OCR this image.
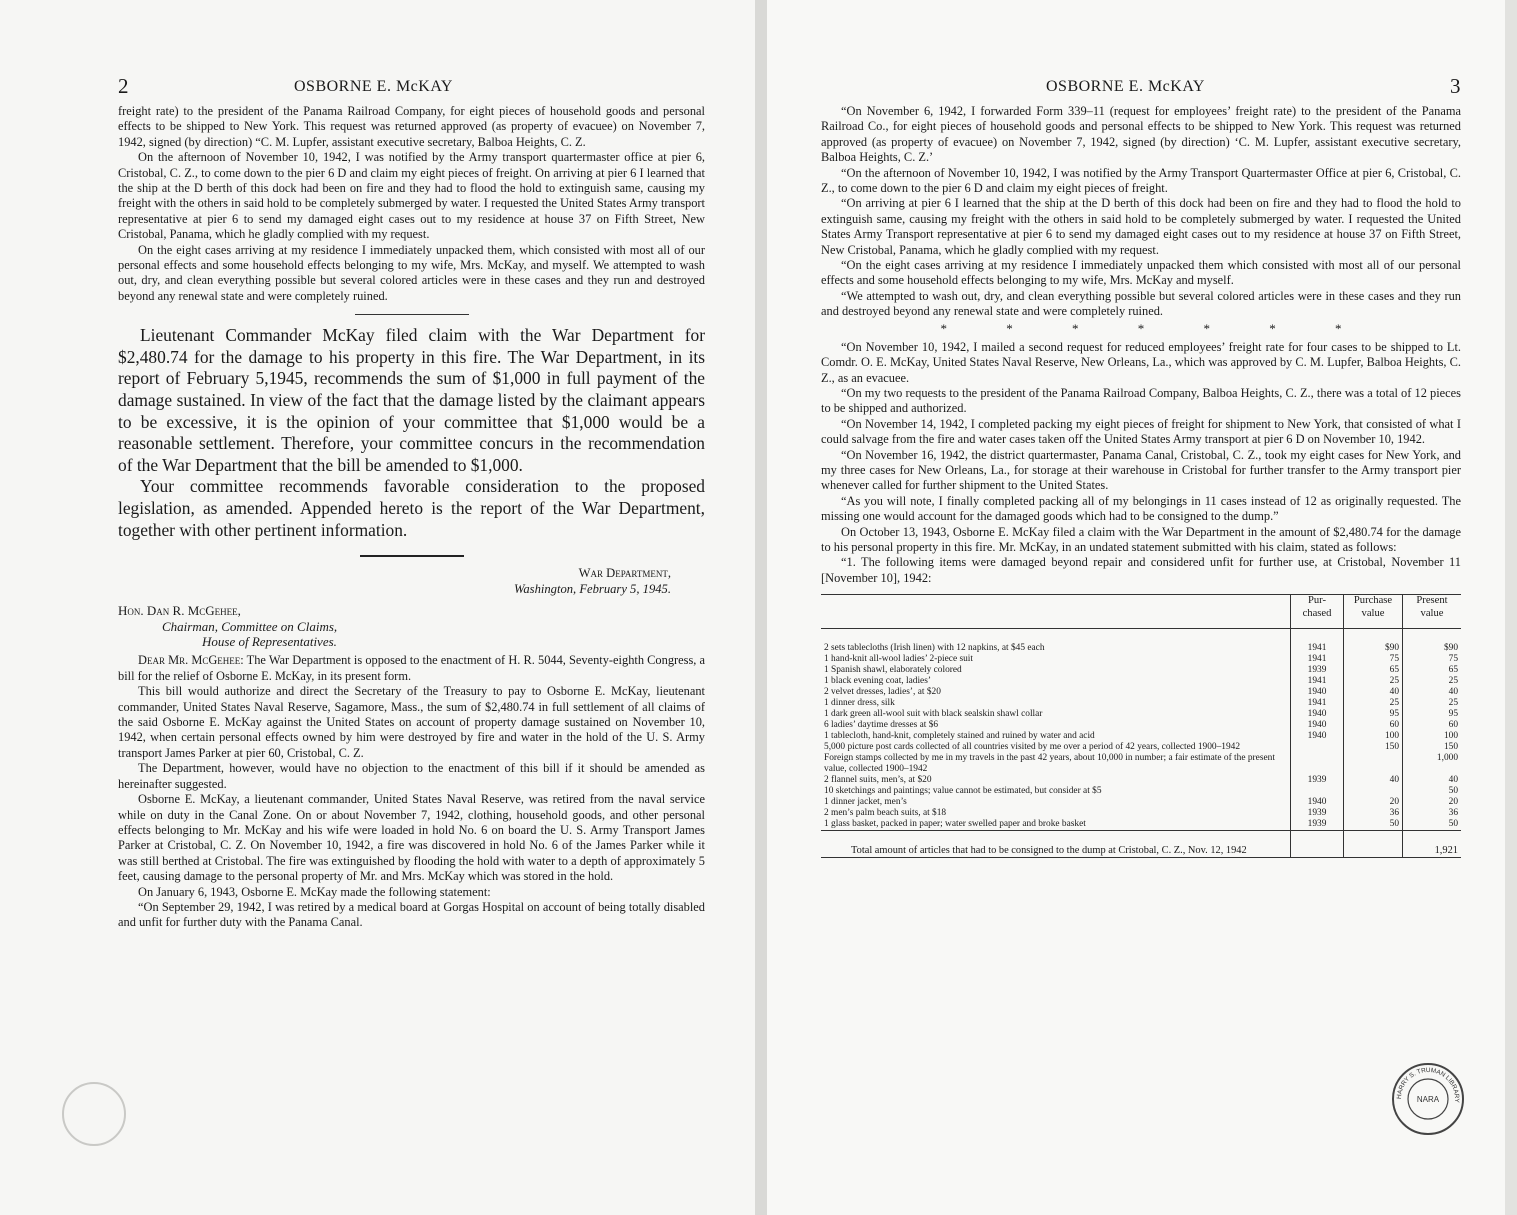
2	OSBORNE E. McKAY

freight rate) to the president of the Panama Railroad Company, for eight pieces of household goods and personal effects to be shipped to New York. This request was returned approved (as property of evacuee) on November 7, 1942, signed (by direction) “C. M. Lupfer, assistant executive secretary, Balboa Heights, C. Z.

On the afternoon of November 10, 1942, I was notified by the Army transport quartermaster office at pier 6, Cristobal, C. Z., to come down to the pier 6 D and claim my eight pieces of freight. On arriving at pier 6 I learned that the ship at the D berth of this dock had been on fire and they had to flood the hold to extinguish same, causing my freight with the others in said hold to be completely submerged by water. I requested the United States Army transport representative at pier 6 to send my damaged eight cases out to my residence at house 37 on Fifth Street, New Cristobal, Panama, which he gladly complied with my request.

On the eight cases arriving at my residence I immediately unpacked them, which consisted with most all of our personal effects and some household effects belonging to my wife, Mrs. McKay, and myself. We attempted to wash out, dry, and clean everything possible but several colored articles were in these cases and they run and destroyed beyond any renewal state and were completely ruined.

Lieutenant Commander McKay filed claim with the War Department for $2,480.74 for the damage to his property in this fire. The War Department, in its report of February 5,1945, recommends the sum of $1,000 in full payment of the damage sustained. In view of the fact that the damage listed by the claimant appears to be excessive, it is the opinion of your committee that $1,000 would be a reasonable settlement. Therefore, your committee concurs in the recommendation of the War Department that the bill be amended to $1,000.

Your committee recommends favorable consideration to the proposed legislation, as amended. Appended hereto is the report of the War Department, together with other pertinent information.

War Department,
Washington, February 5, 1945.
Hon. Dan R. McGehee,
Chairman, Committee on Claims,
House of Representatives.

Dear Mr. McGehee: The War Department is opposed to the enactment of H. R. 5044, Seventy-eighth Congress, a bill for the relief of Osborne E. McKay, in its present form.

This bill would authorize and direct the Secretary of the Treasury to pay to Osborne E. McKay, lieutenant commander, United States Naval Reserve, Sagamore, Mass., the sum of $2,480.74 in full settlement of all claims of the said Osborne E. McKay against the United States on account of property damage sustained on November 10, 1942, when certain personal effects owned by him were destroyed by fire and water in the hold of the U. S. Army transport James Parker at pier 60, Cristobal, C. Z.

The Department, however, would have no objection to the enactment of this bill if it should be amended as hereinafter suggested.

Osborne E. McKay, a lieutenant commander, United States Naval Reserve, was retired from the naval service while on duty in the Canal Zone. On or about November 7, 1942, clothing, household goods, and other personal effects belonging to Mr. McKay and his wife were loaded in hold No. 6 on board the U. S. Army Transport James Parker at Cristobal, C. Z. On November 10, 1942, a fire was discovered in hold No. 6 of the James Parker while it was still berthed at Cristobal. The fire was extinguished by flooding the hold with water to a depth of approximately 5 feet, causing damage to the personal property of Mr. and Mrs. McKay which was stored in the hold.

On January 6, 1943, Osborne E. McKay made the following statement:

“On September 29, 1942, I was retired by a medical board at Gorgas Hospital on account of being totally disabled and unfit for further duty with the Panama Canal.

OSBORNE E. McKAY	3

“On November 6, 1942, I forwarded Form 339–11 (request for employees’ freight rate) to the president of the Panama Railroad Co., for eight pieces of household goods and personal effects to be shipped to New York. This request was returned approved (as property of evacuee) on November 7, 1942, signed (by direction) ‘C. M. Lupfer, assistant executive secretary, Balboa Heights, C. Z.’

“On the afternoon of November 10, 1942, I was notified by the Army Transport Quartermaster Office at pier 6, Cristobal, C. Z., to come down to the pier 6 D and claim my eight pieces of freight.

“On arriving at pier 6 I learned that the ship at the D berth of this dock had been on fire and they had to flood the hold to extinguish same, causing my freight with the others in said hold to be completely submerged by water. I requested the United States Army Transport representative at pier 6 to send my damaged eight cases out to my residence at house 37 on Fifth Street, New Cristobal, Panama, which he gladly complied with my request.

“On the eight cases arriving at my residence I immediately unpacked them which consisted with most all of our personal effects and some household effects belonging to my wife, Mrs. McKay and myself.

“We attempted to wash out, dry, and clean everything possible but several colored articles were in these cases and they run and destroyed beyond any renewal state and were completely ruined.

* * * * * * *

“On November 10, 1942, I mailed a second request for reduced employees’ freight rate for four cases to be shipped to Lt. Comdr. O. E. McKay, United States Naval Reserve, New Orleans, La., which was approved by C. M. Lupfer, Balboa Heights, C. Z., as an evacuee.

“On my two requests to the president of the Panama Railroad Company, Balboa Heights, C. Z., there was a total of 12 pieces to be shipped and authorized.

“On November 14, 1942, I completed packing my eight pieces of freight for shipment to New York, that consisted of what I could salvage from the fire and water cases taken off the United States Army transport at pier 6 D on November 10, 1942.

“On November 16, 1942, the district quartermaster, Panama Canal, Cristobal, C. Z., took my eight cases for New York, and my three cases for New Orleans, La., for storage at their warehouse in Cristobal for further transfer to the Army transport pier whenever called for further shipment to the United States.

“As you will note, I finally completed packing all of my belongings in 11 cases instead of 12 as originally requested. The missing one would account for the damaged goods which had to be consigned to the dump.”

On October 13, 1943, Osborne E. McKay filed a claim with the War Department in the amount of $2,480.74 for the damage to his personal property in this fire. Mr. McKay, in an undated statement submitted with his claim, stated as follows:

“1. The following items were damaged beyond repair and considered unfit for further use, at Cristobal, November 11 [November 10], 1942:

	Pur-chased	Purchase value	Present value
2 sets tablecloths (Irish linen) with 12 napkins, at $45 each	1941	$90	$90
1 hand-knit all-wool ladies’ 2-piece suit	1941	75	75
1 Spanish shawl, elaborately colored	1939	65	65
1 black evening coat, ladies’	1941	25	25
2 velvet dresses, ladies’, at $20	1940	40	40
1 dinner dress, silk	1941	25	25
1 dark green all-wool suit with black sealskin shawl collar	1940	95	95
6 ladies’ daytime dresses at $6	1940	60	60
1 tablecloth, hand-knit, completely stained and ruined by water and acid	1940	100	100
5,000 picture post cards collected of all countries visited by me over a period of 42 years, collected 1900–1942		150	150
Foreign stamps collected by me in my travels in the past 42 years, about 10,000 in number; a fair estimate of the present value, collected 1900–1942			1,000
2 flannel suits, men’s, at $20	1939	40	40
10 sketchings and paintings; value cannot be estimated, but consider at $5			50
1 dinner jacket, men’s	1940	20	20
2 men’s palm beach suits, at $18	1939	36	36
1 glass basket, packed in paper; water swelled paper and broke basket	1939	50	50
Total amount of articles that had to be consigned to the dump at Cristobal, C. Z., Nov. 12, 1942			1,921
HARRY S. TRUMAN LIBRARY
NARA
